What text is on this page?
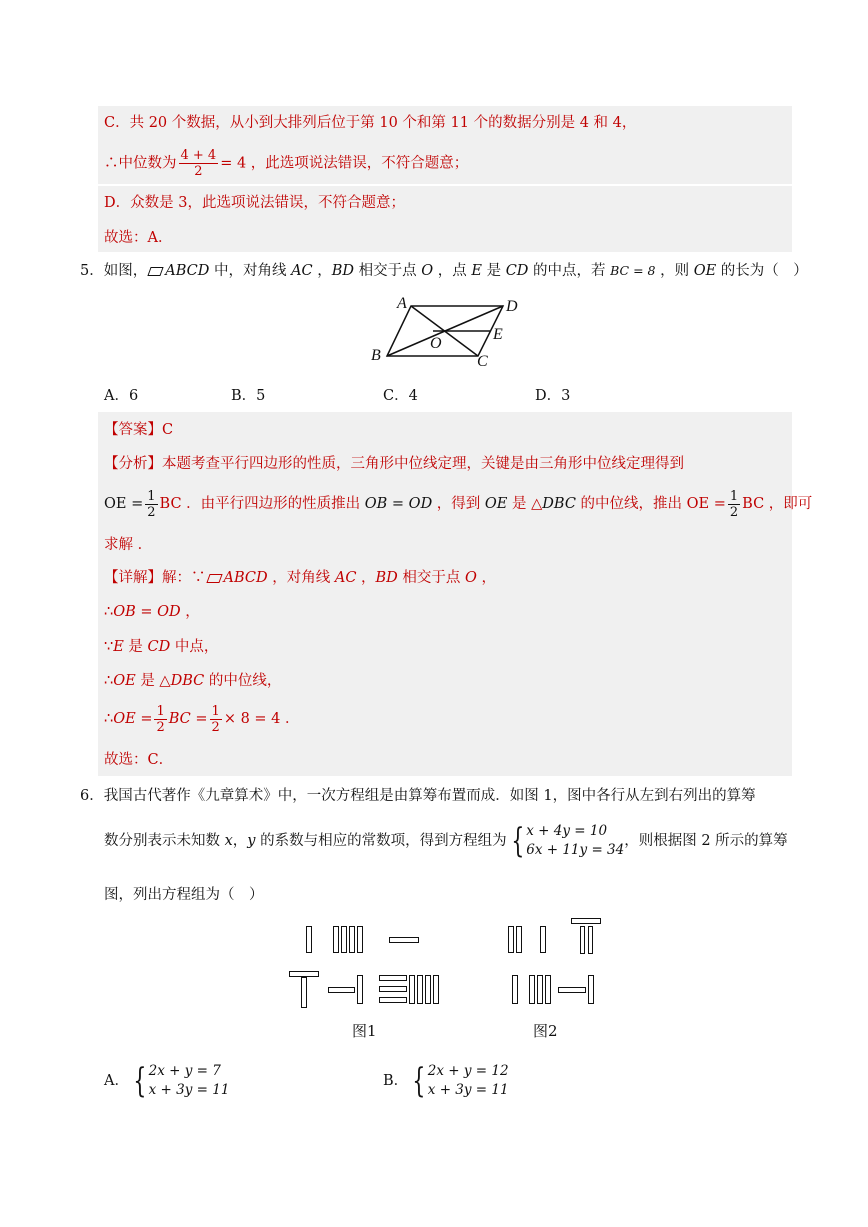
C．共 20 个数据，从小到大排列后位于第 10 个和第 11 个的数据分别是 4 和 4，
∴中位数为 $\frac{4 + 4}{2} = 4$ ，此选项说法错误，不符合题意；
D．众数是 3，此选项说法错误，不符合题意；
故选：A．
5．如图， ABCD 中，对角线 AC ，BD 相交于点 O ，点 E 是 CD 的中点，若 BC = 8 ，则 OE 的长为（　）
A	D
E
O
B	C
A．6	B．5	C．4	D．3
【答案】C
【分析】本题考查平行四边形的性质，三角形中位线定理，关键是由三角形中位线定理得到
OE = $\frac{1}{2}$ BC ．由平行四边形的性质推出 OB = OD ，得到 OE 是 △DBC 的中位线，推出 OE = $\frac{1}{2}$ BC ，即可
求解 ．
【详解】解：∵ ABCD ，对角线 AC ，BD 相交于点 O ，
∴OB = OD ，
∵E 是 CD 中点，
∴OE 是 △DBC 的中位线，
∴OE = $\frac{1}{2}$ BC = $\frac{1}{2} \times 8 = 4$ ．
故选：C．
6．我国古代著作《九章算术》中，一次方程组是由算筹布置而成．如图 1，图中各行从左到右列出的算筹
数分别表示未知数 x，y 的系数与相应的常数项，得到方程组为 { x + 4y = 10
6x + 11y = 34
，则根据图 2 所示的算筹
图，列出方程组为（　）
图1	图2
A． { 2x + y = 7
x + 3y = 11
B． { 2x + y = 12
x + 3y = 11
